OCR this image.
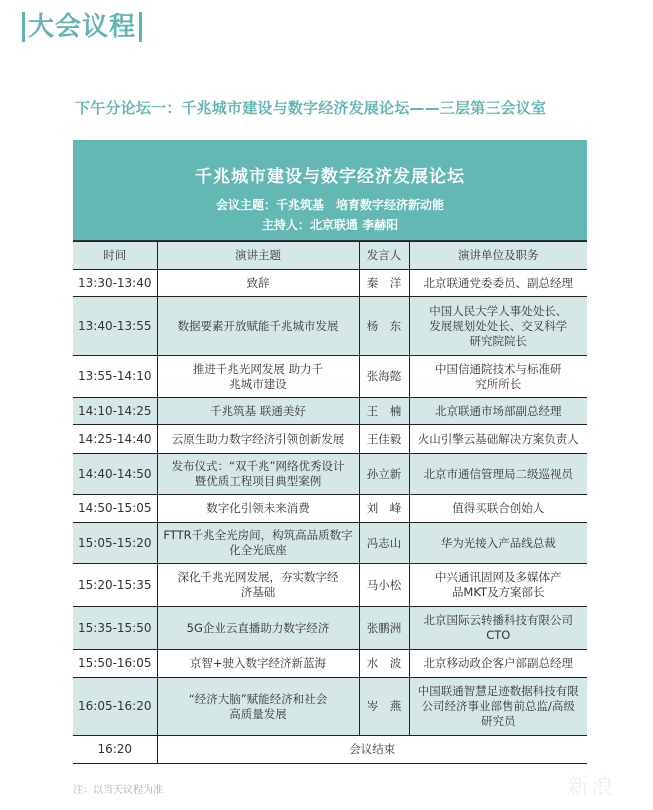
大会议程
下午分论坛一：千兆城市建设与数字经济发展论坛——三层第三会议室
千兆城市建设与数字经济发展论坛
会议主题：千兆筑基　培育数字经济新动能
主持人：北京联通 李赫阳
时间	演讲主题	发言人	演讲单位及职务
13:30-13:40	致辞	秦　洋	北京联通党委委员、副总经理
13:40-13:55	数据要素开放赋能千兆城市发展	杨　东	中国人民大学人事处处长、发展规划处处长、交叉科学研究院院长
13:55-14:10	推进千兆光网发展 助力千兆城市建设	张海懿	中国信通院技术与标准研究所所长
14:10-14:25	千兆筑基 联通美好	王　楠	北京联通市场部副总经理
14:25-14:40	云原生助力数字经济引领创新发展	王佳毅	火山引擎云基础解决方案负责人
14:40-14:50	发布仪式：“双千兆”网络优秀设计暨优质工程项目典型案例	孙立新	北京市通信管理局二级巡视员
14:50-15:05	数字化引领未来消费	刘　峰	值得买联合创始人
15:05-15:20	FTTR千兆全光房间，构筑高品质数字化全光底座	冯志山	华为光接入产品线总裁
15:20-15:35	深化千兆光网发展，夯实数字经济基础	马小松	中兴通讯固网及多媒体产品MKT及方案部长
15:35-15:50	5G企业云直播助力数字经济	张鹏洲	北京国际云转播科技有限公司CTO
15:50-16:05	京智+驶入数字经济新蓝海	水　波	北京移动政企客户部副总经理
16:05-16:20	“经济大脑”赋能经济和社会高质量发展	岑　燕	中国联通智慧足迹数据科技有限公司经济事业部售前总监/高级研究员
16:20	会议结束		
注：以当天议程为准	新浪
